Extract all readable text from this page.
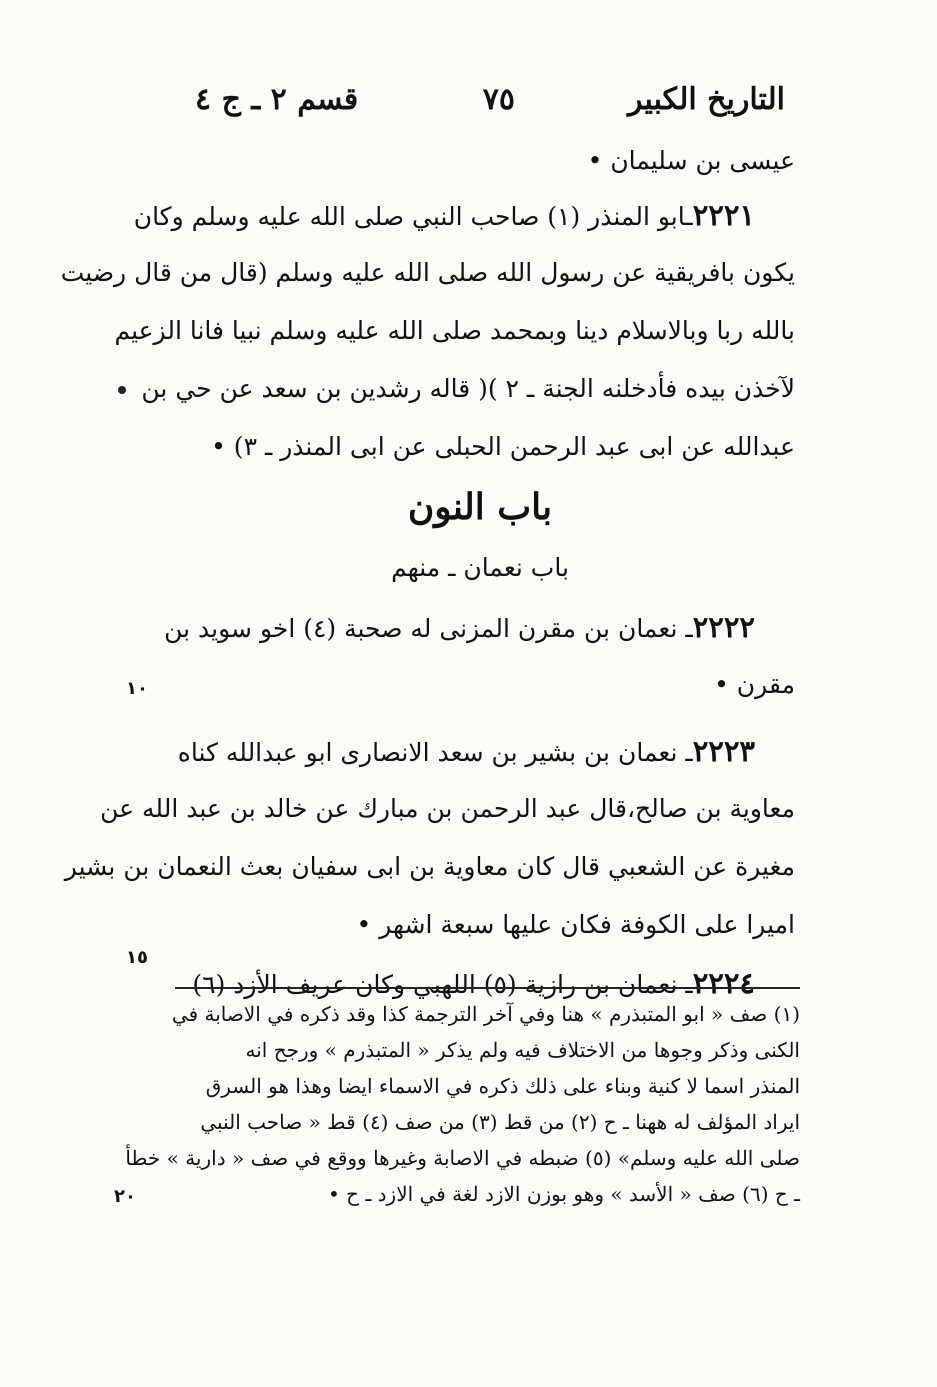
التاريخ الكبير
٧٥
قسم ٢ ـ ج ٤
عيسى بن سليمان •
٢٢٢١ـابو المنذر (١) صاحب النبي صلى الله عليه وسلم وكان
يكون بافريقية عن رسول الله صلى الله عليه وسلم (قال من قال رضيت
بالله ربا وبالاسلام دينا وبمحمد صلى الله عليه وسلم نبيا فانا الزعيم
لآخذن بيده فأدخلنه الجنة ـ ٢ )( قاله رشدين بن سعد عن حي بن
عبدالله عن ابى عبد الرحمن الحبلى عن ابى المنذر ـ ٣) •
باب النون
باب نعمان ـ منهم
٢٢٢٢ـ نعمان بن مقرن المزنى له صحبة (٤) اخو سويد بن
مقرن •
٢٢٢٣ـ نعمان بن بشير بن سعد الانصارى ابو عبدالله كناه
معاوية بن صالح،قال عبد الرحمن بن مبارك عن خالد بن عبد الله عن
مغيرة عن الشعبي قال كان معاوية بن ابى سفيان بعث النعمان بن بشير
اميرا على الكوفة فكان عليها سبعة اشهر •
٢٢٢٤ـ نعمان بن رازية (٥) اللهبي وكان عريف الأزد (٦)
١٠
١٥
٢٠
(١) صف « ابو المتبذرم » هنا وفي آخر الترجمة كذا وقد ذكره في الاصابة في
الكنى وذكر وجوها من الاختلاف فيه ولم يذكر « المتبذرم » ورجح انه
المنذر اسما لا كنية وبناء على ذلك ذكره في الاسماء ايضا وهذا هو السرق
ايراد المؤلف له ههنا ـ ح (٢) من قط (٣) من صف (٤) قط « صاحب النبي
صلى الله عليه وسلم» (٥) ضبطه في الاصابة وغيرها ووقع في صف « دارية » خطأ
ـ ح (٦) صف « الأسد » وهو بوزن الازد لغة في الازد ـ ح •
